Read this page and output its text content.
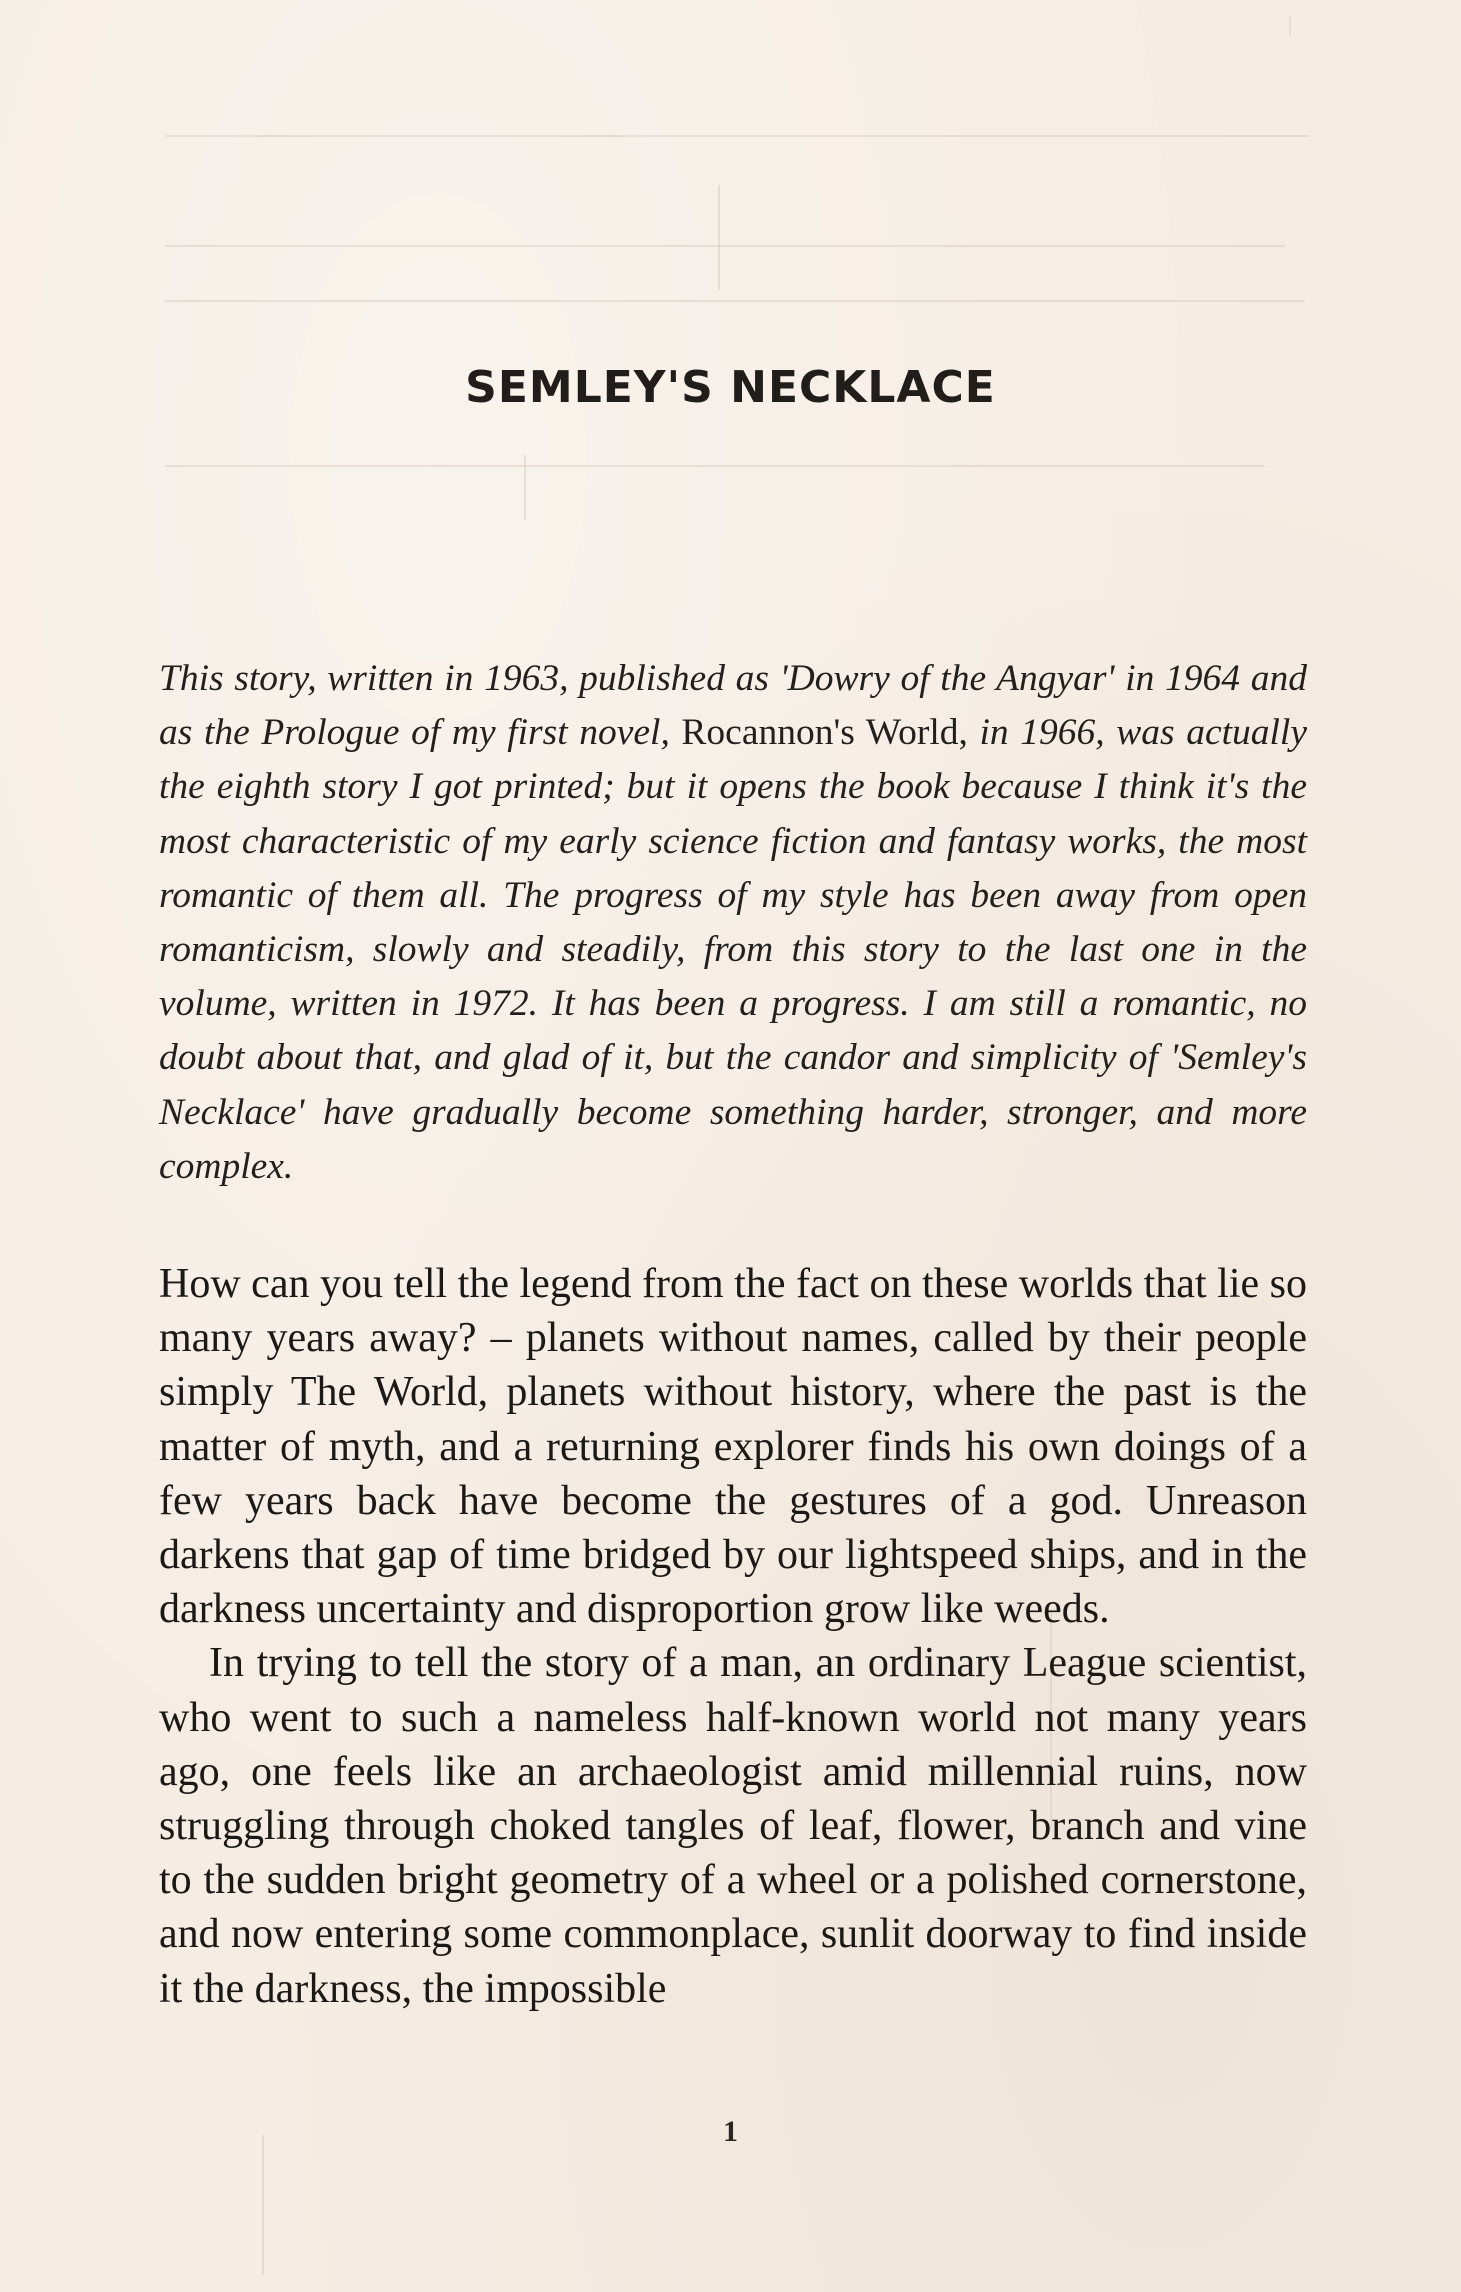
SEMLEY'S NECKLACE

This story, written in 1963, published as 'Dowry of the Angyar' in 1964 and as the Prologue of my first novel, Rocannon's World, in 1966, was actually the eighth story I got printed; but it opens the book because I think it's the most characteristic of my early science fiction and fantasy works, the most romantic of them all. The progress of my style has been away from open romanticism, slowly and steadily, from this story to the last one in the volume, written in 1972. It has been a progress. I am still a romantic, no doubt about that, and glad of it, but the candor and simplicity of 'Semley's Necklace' have gradually become something harder, stronger, and more complex.

How can you tell the legend from the fact on these worlds that lie so many years away? – planets without names, called by their people simply The World, planets without history, where the past is the matter of myth, and a returning explorer finds his own doings of a few years back have become the gestures of a god. Unreason darkens that gap of time bridged by our lightspeed ships, and in the darkness uncertainty and disproportion grow like weeds.

In trying to tell the story of a man, an ordinary League scientist, who went to such a nameless half-known world not many years ago, one feels like an archaeologist amid millennial ruins, now struggling through choked tangles of leaf, flower, branch and vine to the sudden bright geometry of a wheel or a polished cornerstone, and now entering some commonplace, sunlit doorway to find inside it the darkness, the impossible

1
